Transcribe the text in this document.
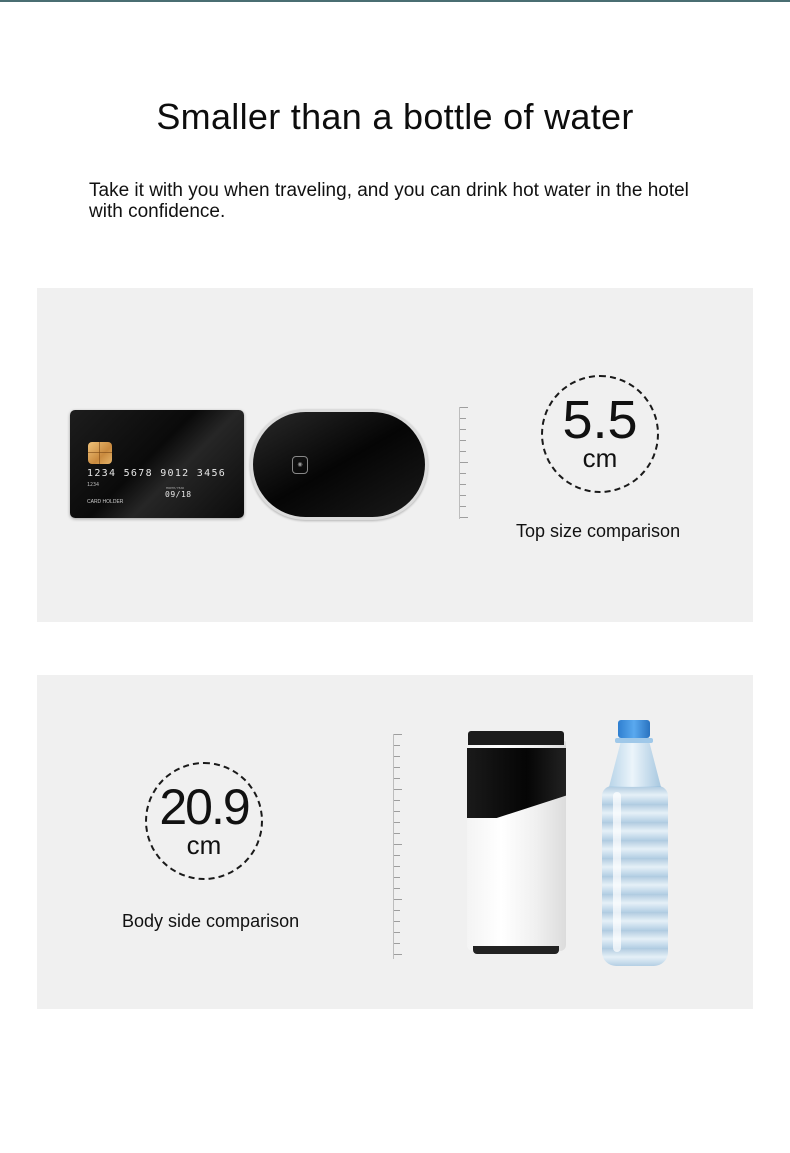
Smaller than a bottle of water
Take it with you when traveling, and you can drink hot water in the hotel with confidence.
1234 5678 9012 3456
1234	MONTH/YEAR
09/18
CARD HOLDER
◉
5.5
cm
Top size comparison
20.9
cm
Body side comparison
